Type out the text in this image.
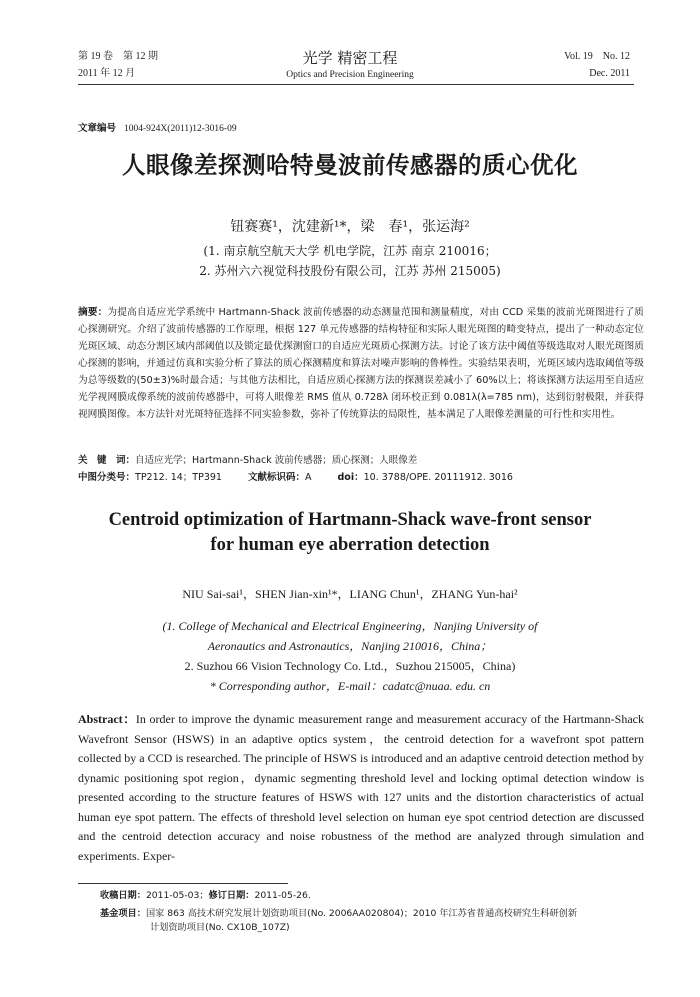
第 19 卷　第 12 期
2011 年 12 月
光学 精密工程
Optics and Precision Engineering
Vol. 19　No. 12
Dec. 2011
文章编号 1004-924X(2011)12-3016-09
人眼像差探测哈特曼波前传感器的质心优化
钮赛赛¹，沈建新¹*，梁　春¹，张运海²
(1. 南京航空航天大学 机电学院，江苏 南京 210016；
2. 苏州六六视觉科技股份有限公司，江苏 苏州 215005)
摘要：为提高自适应光学系统中 Hartmann-Shack 波前传感器的动态测量范围和测量精度，对由 CCD 采集的波前光斑图进行了质心探测研究。介绍了波前传感器的工作原理，根据 127 单元传感器的结构特征和实际人眼光斑图的畸变特点，提出了一种动态定位光斑区域、动态分割区域内部阈值以及锁定最优探测窗口的自适应光斑质心探测方法。讨论了该方法中阈值等级选取对人眼光斑图质心探测的影响，并通过仿真和实验分析了算法的质心探测精度和算法对噪声影响的鲁棒性。实验结果表明，光斑区域内选取阈值等级为总等级数的(50±3)%时最合适；与其他方法相比，自适应质心探测方法的探测误差减小了 60%以上；将该探测方法运用至自适应光学视网膜成像系统的波前传感器中，可将人眼像差 RMS 值从 0.728λ 闭环校正到 0.081λ(λ=785 nm)，达到衍射极限，并获得视网膜图像。本方法针对光斑特征选择不同实验参数，弥补了传统算法的局限性，基本满足了人眼像差测量的可行性和实用性。
关　键　词：自适应光学；Hartmann-Shack 波前传感器；质心探测；人眼像差
中图分类号：TP212. 14；TP391	文献标识码：A	doi：10. 3788/OPE. 20111912. 3016
Centroid optimization of Hartmann-Shack wave-front sensor
for human eye aberration detection
NIU Sai-sai¹，SHEN Jian-xin¹*，LIANG Chun¹，ZHANG Yun-hai²
(1. College of Mechanical and Electrical Engineering，Nanjing University of
Aeronautics and Astronautics，Nanjing 210016，China；
2. Suzhou 66 Vision Technology Co. Ltd.，Suzhou 215005，China)
* Corresponding author，E-mail：cadatc@nuaa. edu. cn
Abstract：In order to improve the dynamic measurement range and measurement accuracy of the Hartmann-Shack Wavefront Sensor (HSWS) in an adaptive optics system，the centroid detection for a wavefront spot pattern collected by a CCD is researched. The principle of HSWS is introduced and an adaptive centroid detection method by dynamic positioning spot region，dynamic segmenting threshold level and locking optimal detection window is presented according to the structure features of HSWS with 127 units and the distortion characteristics of actual human eye spot pattern. The effects of threshold level selection on human eye spot centriod detection are discussed and the centroid detection accuracy and noise robustness of the method are analyzed through simulation and experiments. Exper-
收稿日期：2011-05-03；修订日期：2011-05-26.
基金项目：国家 863 高技术研究发展计划资助项目(No. 2006AA020804)；2010 年江苏省普通高校研究生科研创新
计划资助项目(No. CX10B_107Z)
